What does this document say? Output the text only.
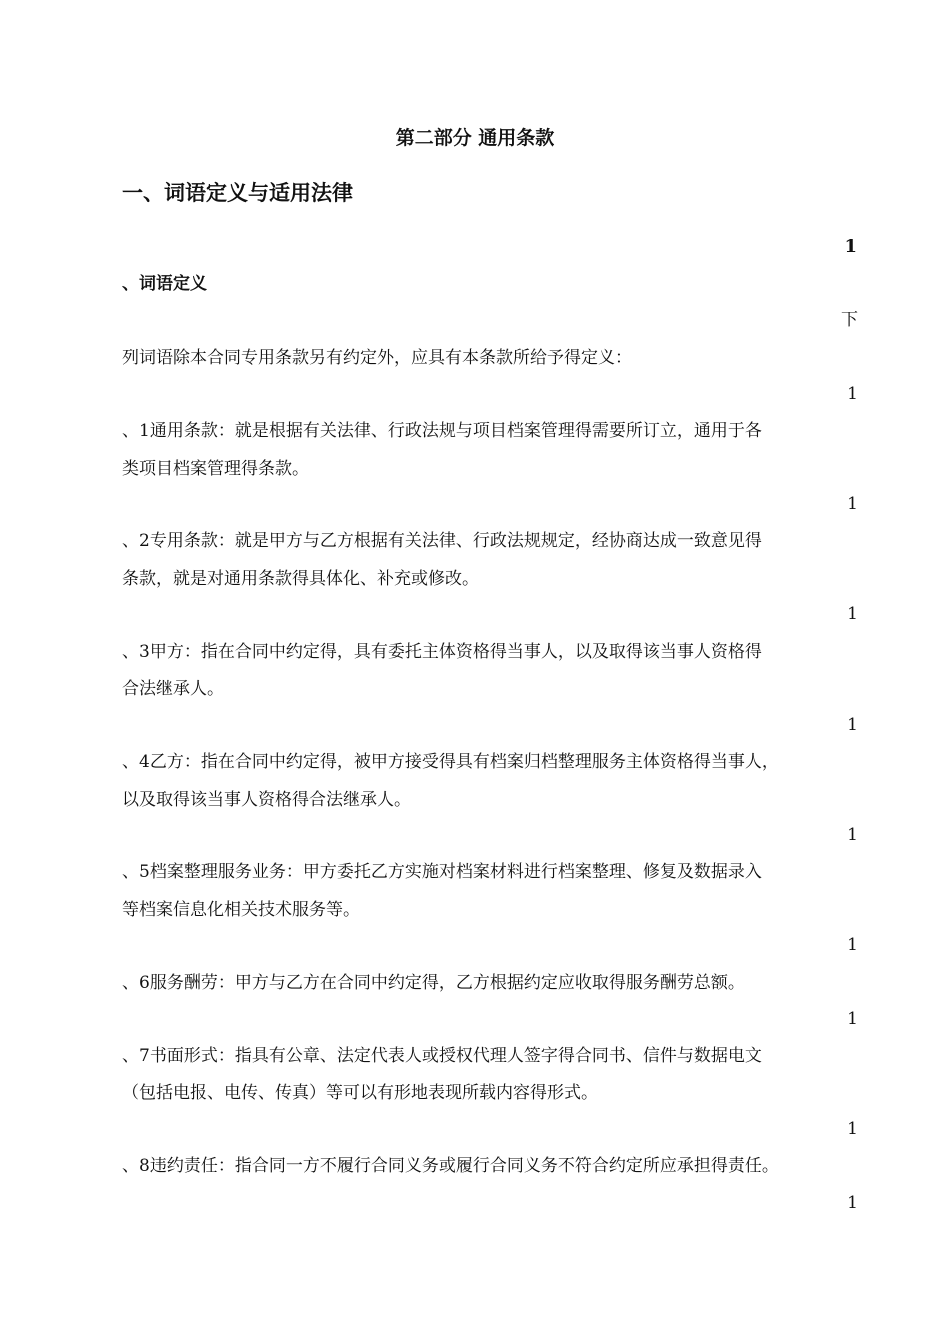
第二部分 通用条款
一、词语定义与适用法律
1
、词语定义
下
列词语除本合同专用条款另有约定外，应具有本条款所给予得定义：
1
、1通用条款：就是根据有关法律、行政法规与项目档案管理得需要所订立，通用于各
类项目档案管理得条款。
1
、2专用条款：就是甲方与乙方根据有关法律、行政法规规定，经协商达成一致意见得
条款，就是对通用条款得具体化、补充或修改。
1
、3甲方：指在合同中约定得，具有委托主体资格得当事人，以及取得该当事人资格得
合法继承人。
1
、4乙方：指在合同中约定得，被甲方接受得具有档案归档整理服务主体资格得当事人，
以及取得该当事人资格得合法继承人。
1
、5档案整理服务业务：甲方委托乙方实施对档案材料进行档案整理、修复及数据录入
等档案信息化相关技术服务等。
1
、6服务酬劳：甲方与乙方在合同中约定得，乙方根据约定应收取得服务酬劳总额。
1
、7书面形式：指具有公章、法定代表人或授权代理人签字得合同书、信件与数据电文
（包括电报、电传、传真）等可以有形地表现所载内容得形式。
1
、8违约责任：指合同一方不履行合同义务或履行合同义务不符合约定所应承担得责任。
1
